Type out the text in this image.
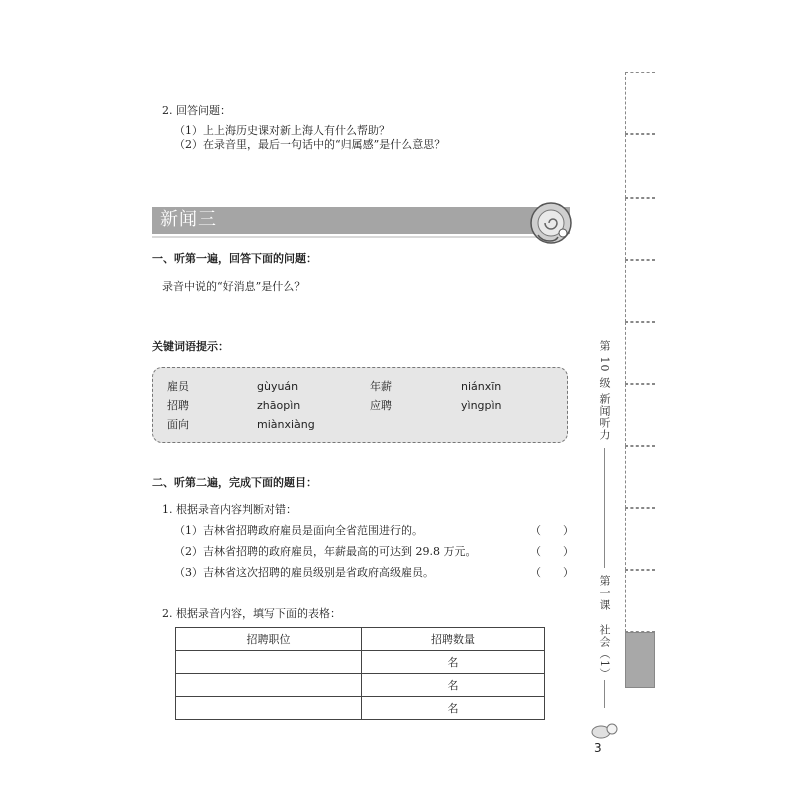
2. 回答问题：
（1）上上海历史课对新上海人有什么帮助？
（2）在录音里，最后一句话中的“归属感”是什么意思？
新闻三
一、听第一遍，回答下面的问题：
录音中说的“好消息”是什么？
关键词语提示：
雇员	gùyuán	年薪	niánxīn
招聘	zhāopìn	应聘	yìngpìn
面向	miànxiàng
二、听第二遍，完成下面的题目：
1. 根据录音内容判断对错：
（1）吉林省招聘政府雇员是面向全省范围进行的。	（　　）
（2）吉林省招聘的政府雇员，年薪最高的可达到 29.8 万元。	（　　）
（3）吉林省这次招聘的雇员级别是省政府高级雇员。	（　　）
2. 根据录音内容，填写下面的表格：
招聘职位	招聘数量
	名
	名
	名
第 10 级
新闻听力
第一课
社会（1）
3
